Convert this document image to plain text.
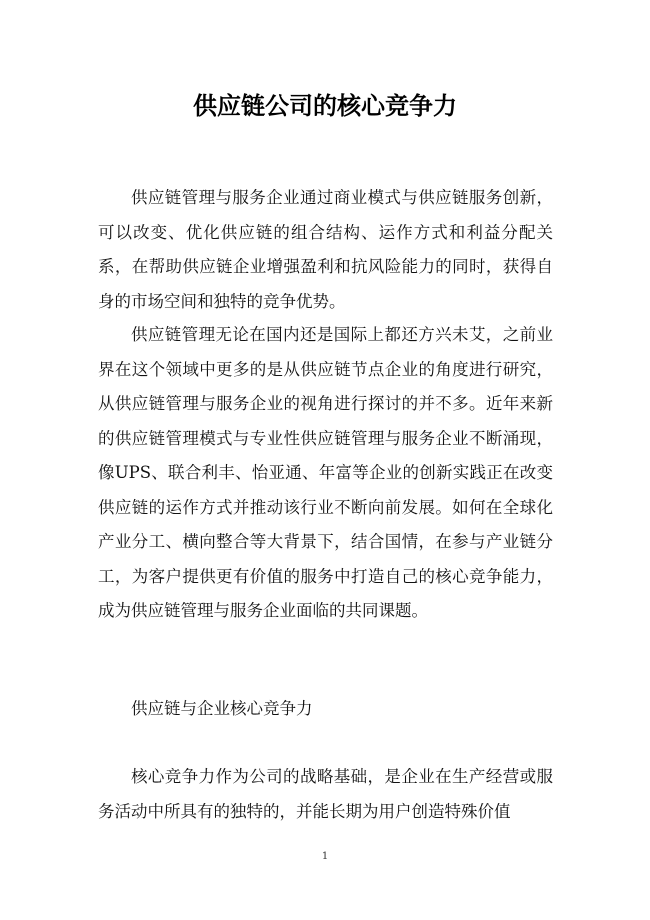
供应链公司的核心竞争力

供应链管理与服务企业通过商业模式与供应链服务创新，可以改变、优化供应链的组合结构、运作方式和利益分配关系，在帮助供应链企业增强盈利和抗风险能力的同时，获得自身的市场空间和独特的竞争优势。

供应链管理无论在国内还是国际上都还方兴未艾，之前业界在这个领域中更多的是从供应链节点企业的角度进行研究，从供应链管理与服务企业的视角进行探讨的并不多。近年来新的供应链管理模式与专业性供应链管理与服务企业不断涌现，像UPS、联合利丰、怡亚通、年富等企业的创新实践正在改变供应链的运作方式并推动该行业不断向前发展。如何在全球化产业分工、横向整合等大背景下，结合国情，在参与产业链分工，为客户提供更有价值的服务中打造自己的核心竞争能力，成为供应链管理与服务企业面临的共同课题。

供应链与企业核心竞争力

核心竞争力作为公司的战略基础，是企业在生产经营或服务活动中所具有的独特的，并能长期为用户创造特殊价值

1
